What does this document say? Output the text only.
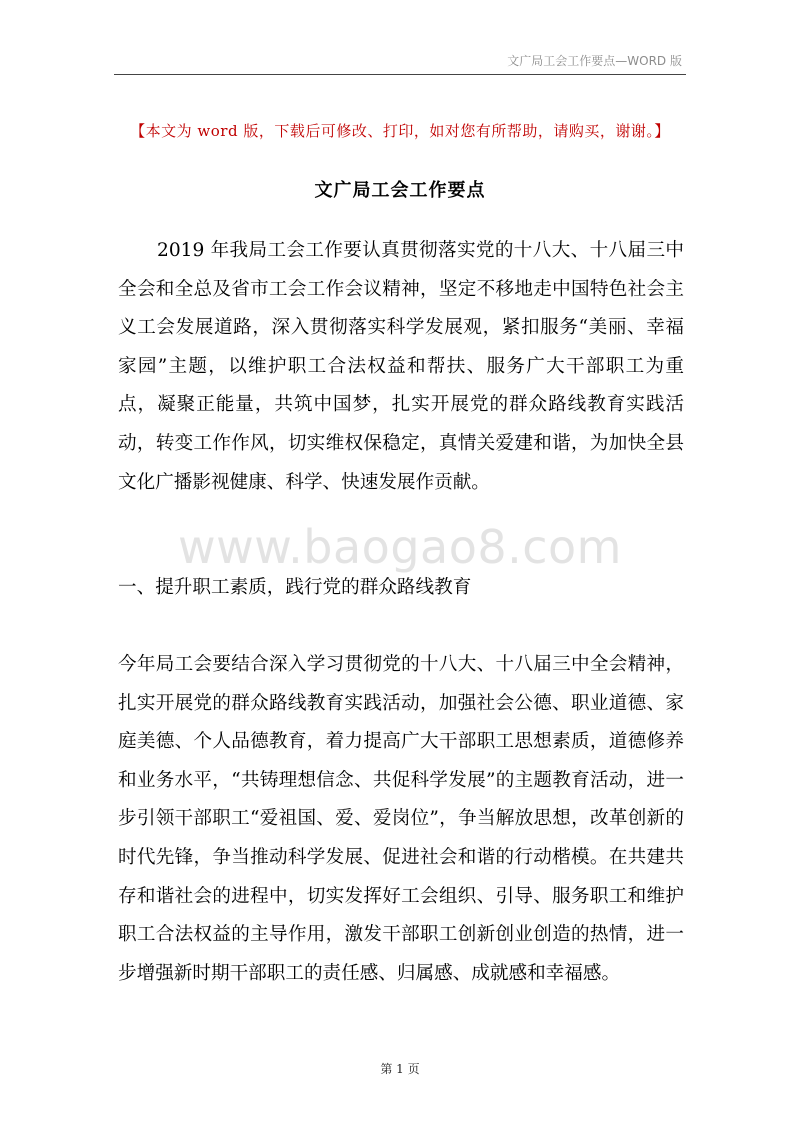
文广局工会工作要点—WORD 版
www.baogao8.com
【本文为 word 版，下载后可修改、打印，如对您有所帮助，请购买，谢谢。】
文广局工会工作要点

2019 年我局工会工作要认真贯彻落实党的十八大、十八届三中全会和全总及省市工会工作会议精神，坚定不移地走中国特色社会主义工会发展道路，深入贯彻落实科学发展观，紧扣服务“美丽、幸福家园”主题，以维护职工合法权益和帮扶、服务广大干部职工为重点，凝聚正能量，共筑中国梦，扎实开展党的群众路线教育实践活动，转变工作作风，切实维权保稳定，真情关爱建和谐，为加快全县文化广播影视健康、科学、快速发展作贡献。

一、提升职工素质，践行党的群众路线教育

今年局工会要结合深入学习贯彻党的十八大、十八届三中全会精神，扎实开展党的群众路线教育实践活动，加强社会公德、职业道德、家庭美德、个人品德教育，着力提高广大干部职工思想素质，道德修养和业务水平，“共铸理想信念、共促科学发展”的主题教育活动，进一步引领干部职工“爱祖国、爱、爱岗位”，争当解放思想，改革创新的时代先锋，争当推动科学发展、促进社会和谐的行动楷模。在共建共存和谐社会的进程中，切实发挥好工会组织、引导、服务职工和维护职工合法权益的主导作用，激发干部职工创新创业创造的热情，进一步增强新时期干部职工的责任感、归属感、成就感和幸福感。

第 1 页
